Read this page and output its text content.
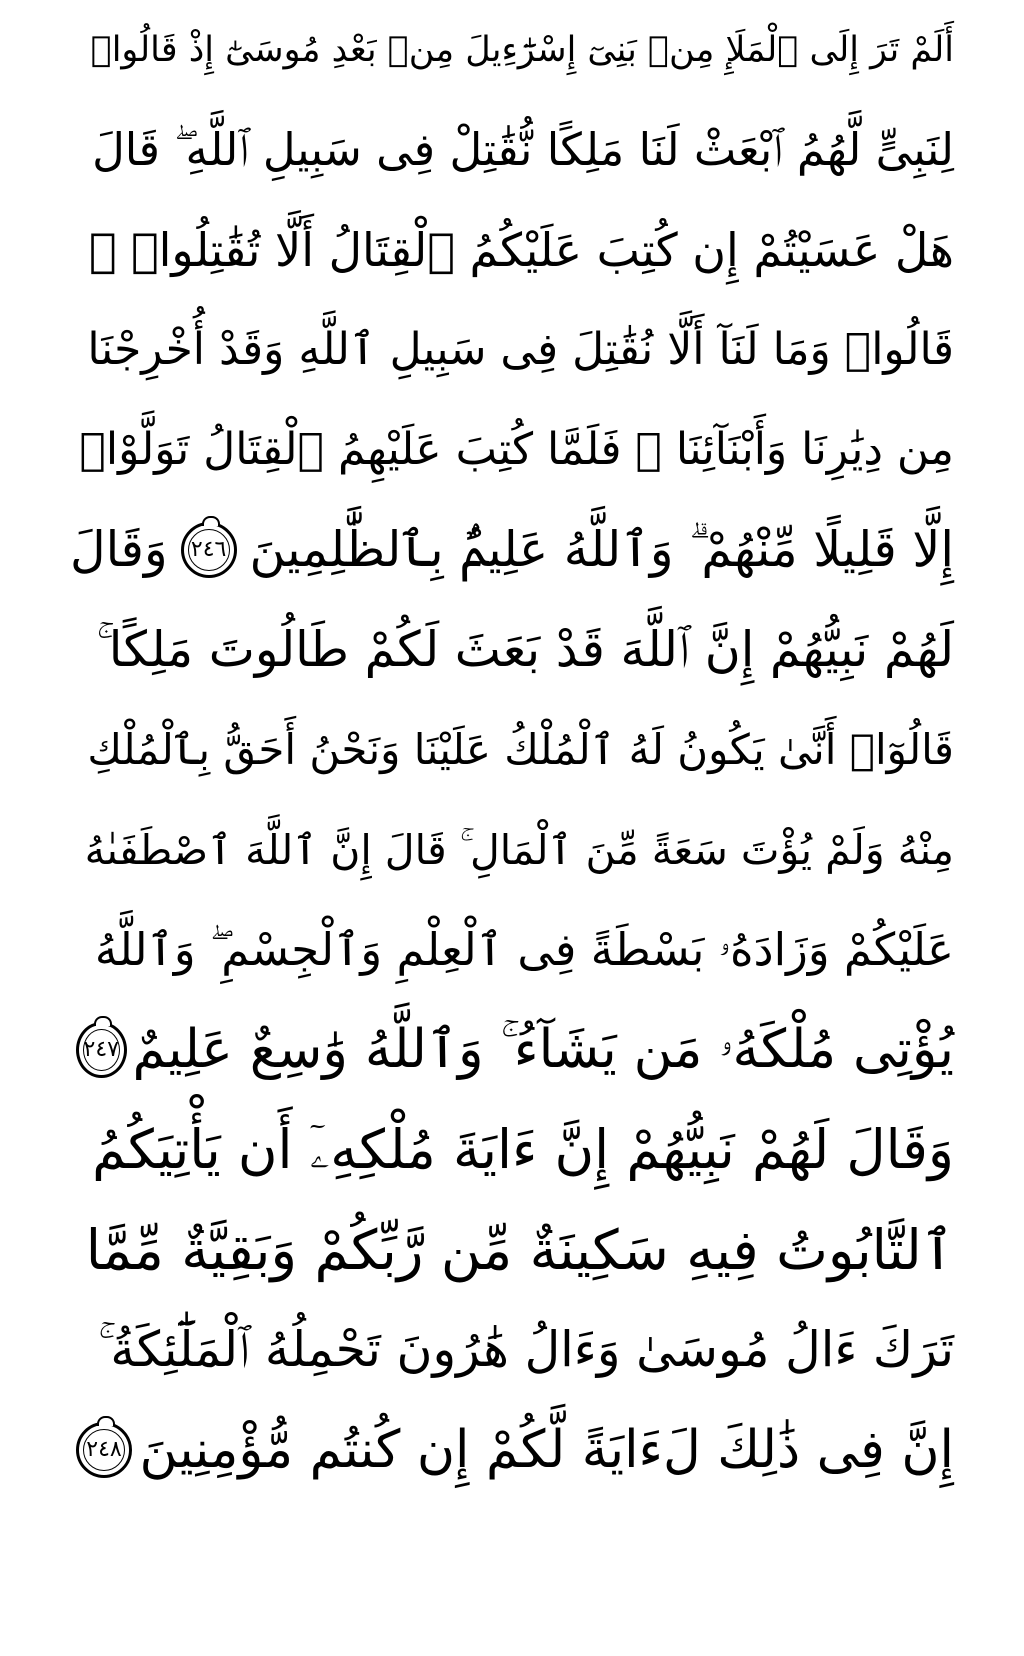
أَلَمْ تَرَ إِلَى ٱلْمَلَإِ مِنۢ بَنِىٓ إِسْرَٰٓءِيلَ مِنۢ بَعْدِ مُوسَىٰٓ إِذْ قَالُوا۟
لِنَبِىٍّ لَّهُمُ ٱبْعَثْ لَنَا مَلِكًا نُّقَٰتِلْ فِى سَبِيلِ ٱللَّهِ ۖ قَالَ
هَلْ عَسَيْتُمْ إِن كُتِبَ عَلَيْكُمُ ٱلْقِتَالُ أَلَّا تُقَٰتِلُوا۟ ۖ
قَالُوا۟ وَمَا لَنَآ أَلَّا نُقَٰتِلَ فِى سَبِيلِ ٱللَّهِ وَقَدْ أُخْرِجْنَا
مِن دِيَٰرِنَا وَأَبْنَآئِنَا ۖ فَلَمَّا كُتِبَ عَلَيْهِمُ ٱلْقِتَالُ تَوَلَّوْا۟
إِلَّا قَلِيلًا مِّنْهُمْ ۗ وَٱللَّهُ عَلِيمٌۢ بِٱلظَّٰلِمِينَ
٢٤٦
وَقَالَ
لَهُمْ نَبِيُّهُمْ إِنَّ ٱللَّهَ قَدْ بَعَثَ لَكُمْ طَالُوتَ مَلِكًا ۚ
قَالُوٓا۟ أَنَّىٰ يَكُونُ لَهُ ٱلْمُلْكُ عَلَيْنَا وَنَحْنُ أَحَقُّ بِٱلْمُلْكِ
مِنْهُ وَلَمْ يُؤْتَ سَعَةً مِّنَ ٱلْمَالِ ۚ قَالَ إِنَّ ٱللَّهَ ٱصْطَفَىٰهُ
عَلَيْكُمْ وَزَادَهُۥ بَسْطَةً فِى ٱلْعِلْمِ وَٱلْجِسْمِ ۖ وَٱللَّهُ
يُؤْتِى مُلْكَهُۥ مَن يَشَآءُ ۚ وَٱللَّهُ وَٰسِعٌ عَلِيمٌ
٢٤٧
وَقَالَ لَهُمْ نَبِيُّهُمْ إِنَّ ءَايَةَ مُلْكِهِۦٓ أَن يَأْتِيَكُمُ
ٱلتَّابُوتُ فِيهِ سَكِينَةٌ مِّن رَّبِّكُمْ وَبَقِيَّةٌ مِّمَّا
تَرَكَ ءَالُ مُوسَىٰ وَءَالُ هَٰرُونَ تَحْمِلُهُ ٱلْمَلَٰٓئِكَةُ ۚ
إِنَّ فِى ذَٰلِكَ لَءَايَةً لَّكُمْ إِن كُنتُم مُّؤْمِنِينَ
٢٤٨
